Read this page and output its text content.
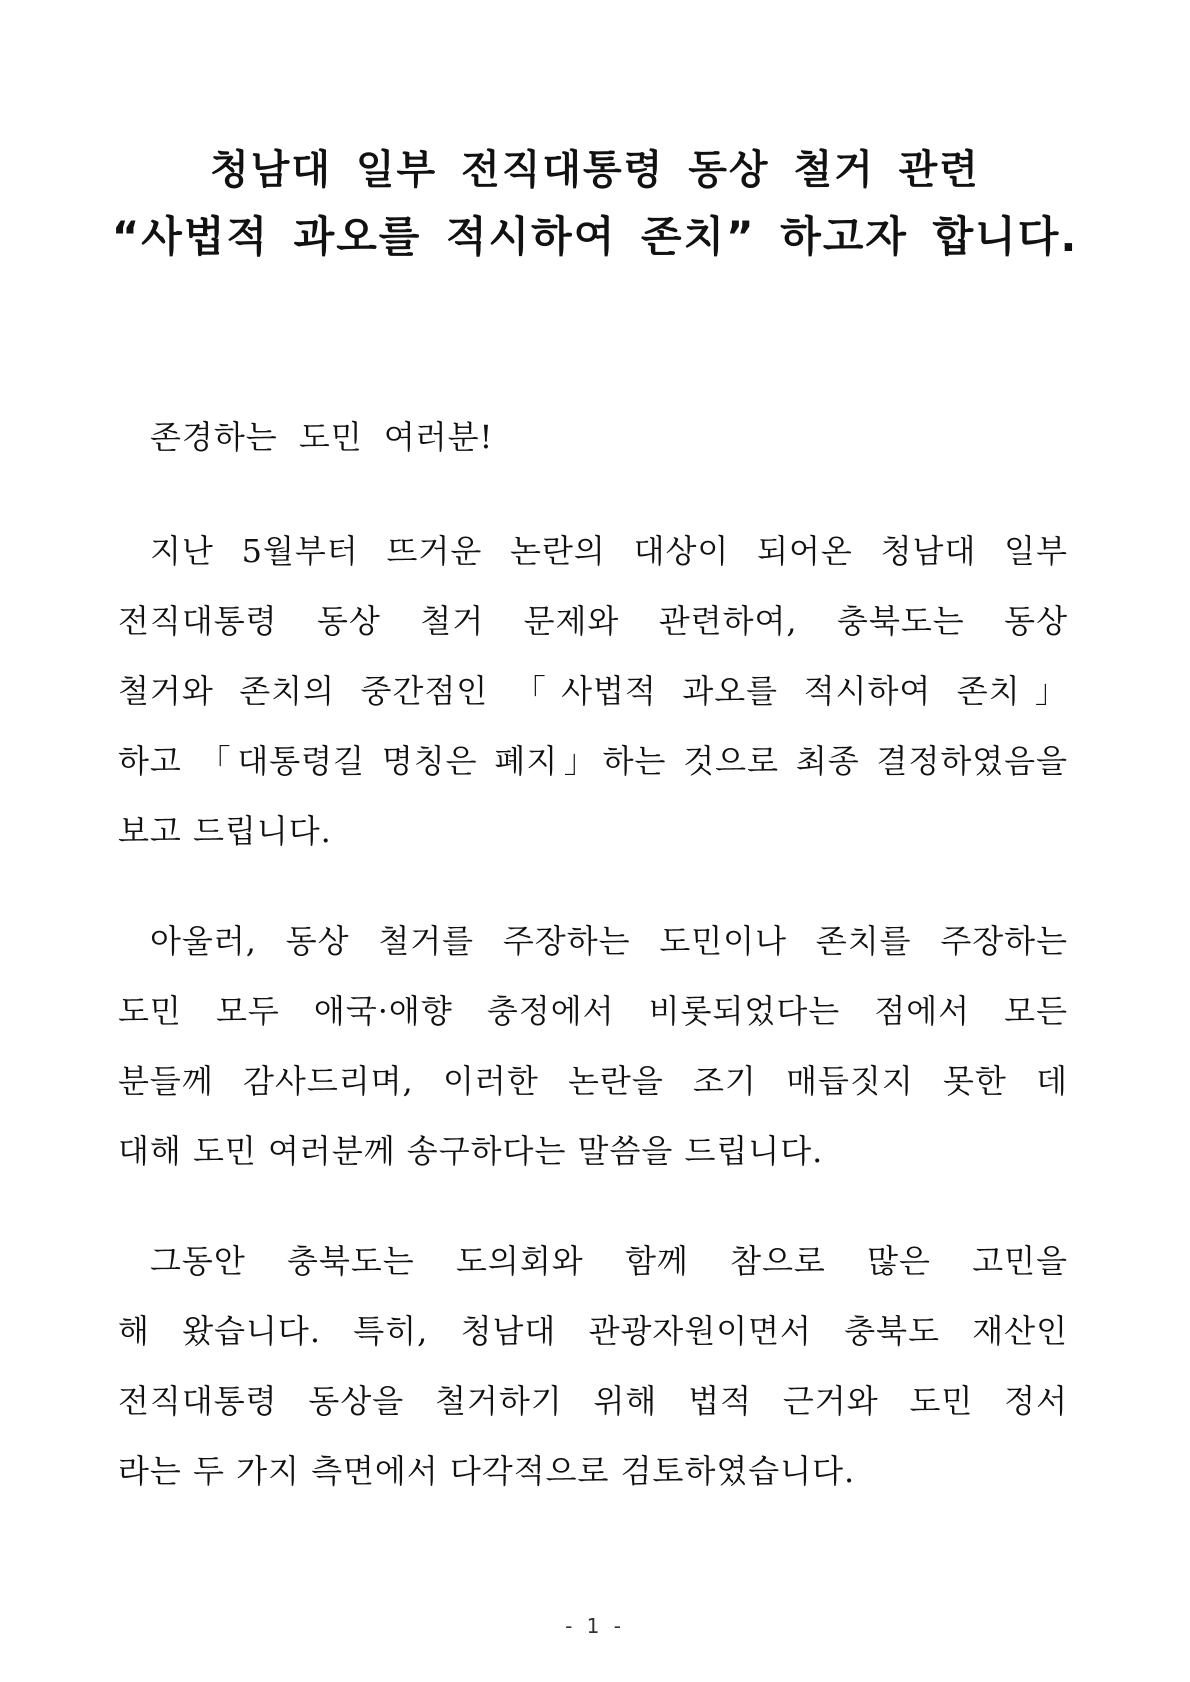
청남대 일부 전직대통령 동상 철거 관련
“사법적 과오를 적시하여 존치” 하고자 합니다.
존경하는 도민 여러분!
지난 5월부터 뜨거운 논란의 대상이 되어온 청남대 일부
전직대통령 동상 철거 문제와 관련하여, 충북도는 동상
철거와 존치의 중간점인 「사법적 과오를 적시하여 존치」
하고 「대통령길 명칭은 폐지」하는 것으로 최종 결정하였음을
보고 드립니다.
아울러, 동상 철거를 주장하는 도민이나 존치를 주장하는
도민 모두 애국·애향 충정에서 비롯되었다는 점에서 모든
분들께 감사드리며, 이러한 논란을 조기 매듭짓지 못한 데
대해 도민 여러분께 송구하다는 말씀을 드립니다.
그동안 충북도는 도의회와 함께 참으로 많은 고민을
해 왔습니다. 특히, 청남대 관광자원이면서 충북도 재산인
전직대통령 동상을 철거하기 위해 법적 근거와 도민 정서
라는 두 가지 측면에서 다각적으로 검토하였습니다.
- 1 -
